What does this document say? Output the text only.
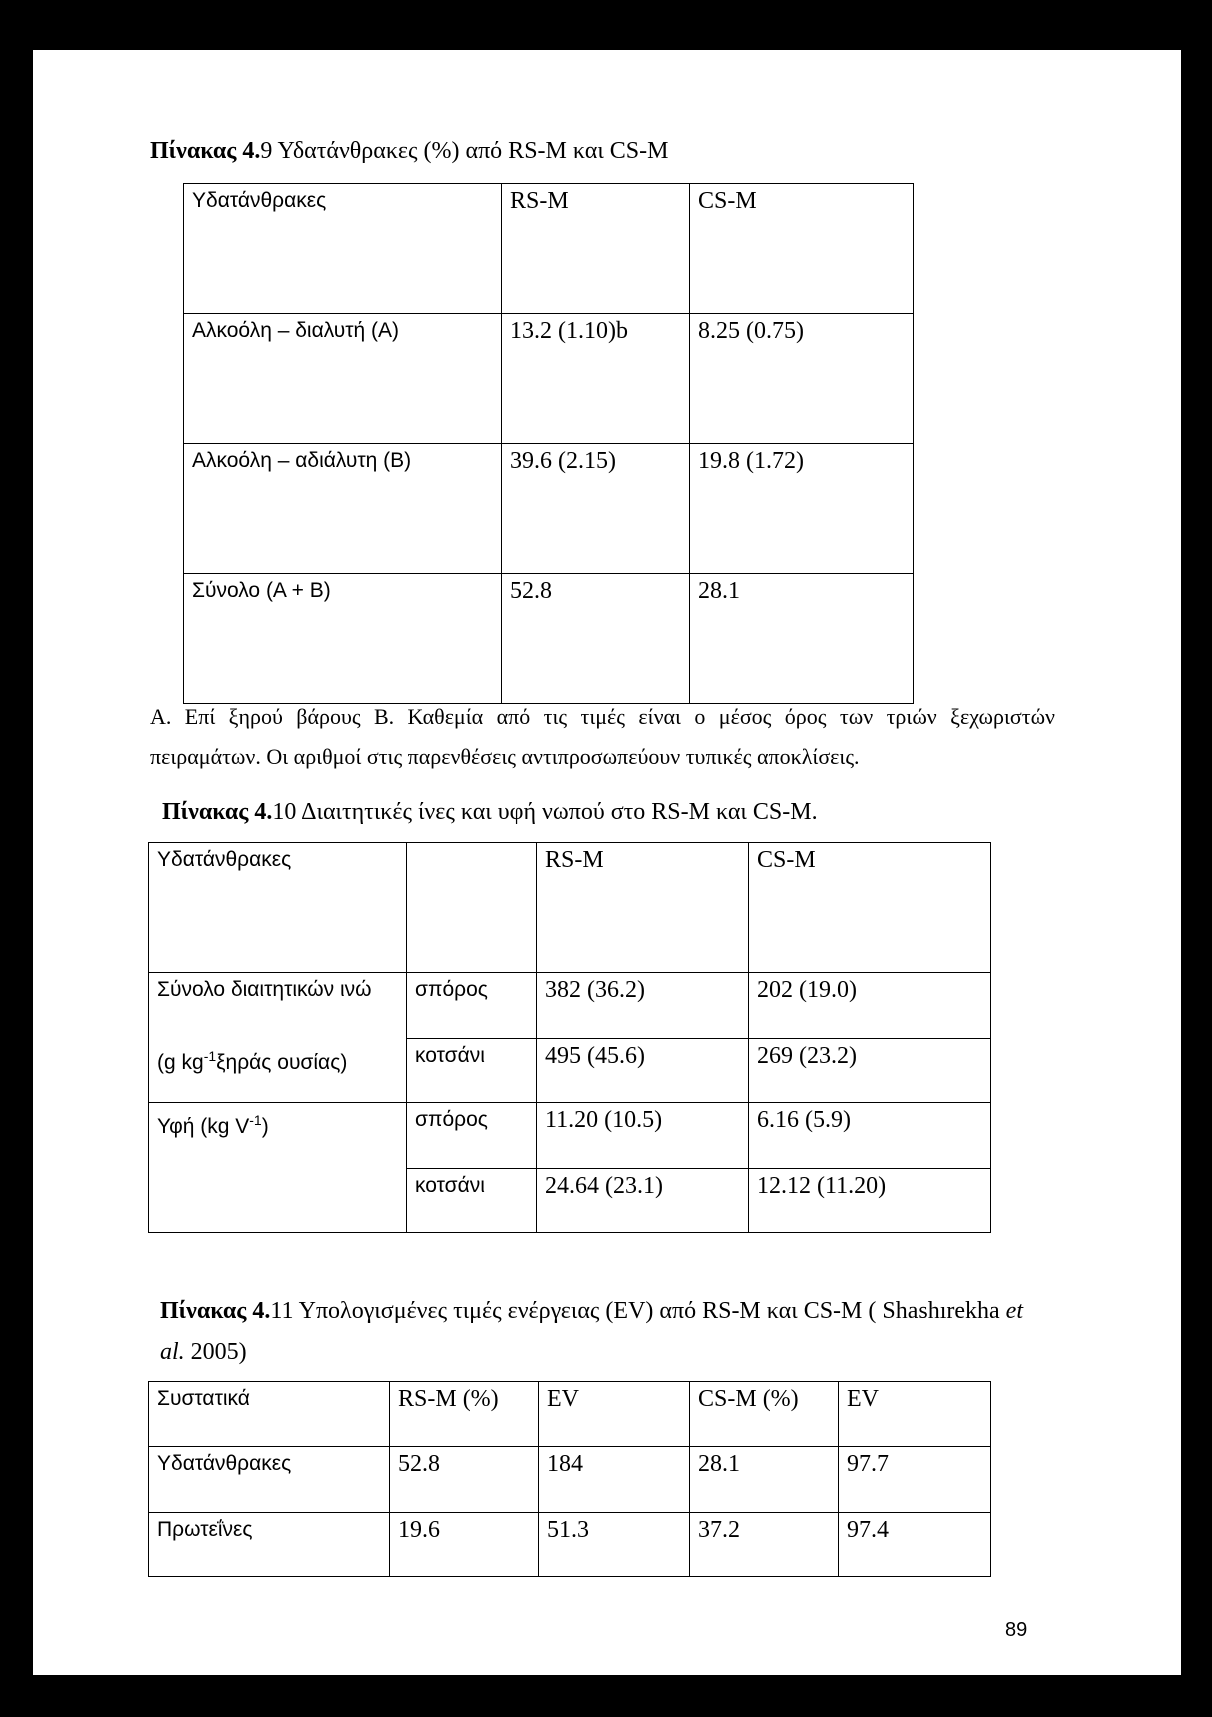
Πίνακας 4.9 Υδατάνθρακες (%) από RS-M και CS-M
Υδατάνθρακες	RS-M	CS-M
Αλκοόλη – διαλυτή (Α)	13.2 (1.10)b	8.25 (0.75)
Αλκοόλη – αδιάλυτη (Β)	39.6 (2.15)	19.8 (1.72)
Σύνολο (Α + Β)	52.8	28.1
Α. Επί ξηρού βάρους Β. Καθεμία από τις τιμές είναι ο μέσος όρος των τριών ξεχωριστών
πειραμάτων. Οι αριθμοί στις παρενθέσεις αντιπροσωπεύουν τυπικές αποκλίσεις.
Πίνακας 4.10 Διαιτητικές ίνες και υφή νωπού στο RS-M και CS-M.
Υδατάνθρακες		RS-M	CS-M
Σύνολο διαιτητικών ινώ	σπόρος	382 (36.2)	202 (19.0)
(g $kg^{-1}\xi\eta\rho ά\varsigma$ ουσίας)	κοτσάνι	495 (45.6)	269 (23.2)
Υφή (kg $V^{-1}$)	σπόρος	11.20 (10.5)	6.16 (5.9)
	κοτσάνι	24.64 (23.1)	12.12 (11.20)
Πίνακας 4.11 Υπολογισμένες τιμές ενέργειας (EV) από RS-M και CS-M ( Shashırekha et
al. 2005)
Συστατικά	RS-M (%)	EV	CS-M (%)	EV
Υδατάνθρακες	52.8	184	28.1	97.7
Πρωτεΐνες	19.6	51.3	37.2	97.4
89
